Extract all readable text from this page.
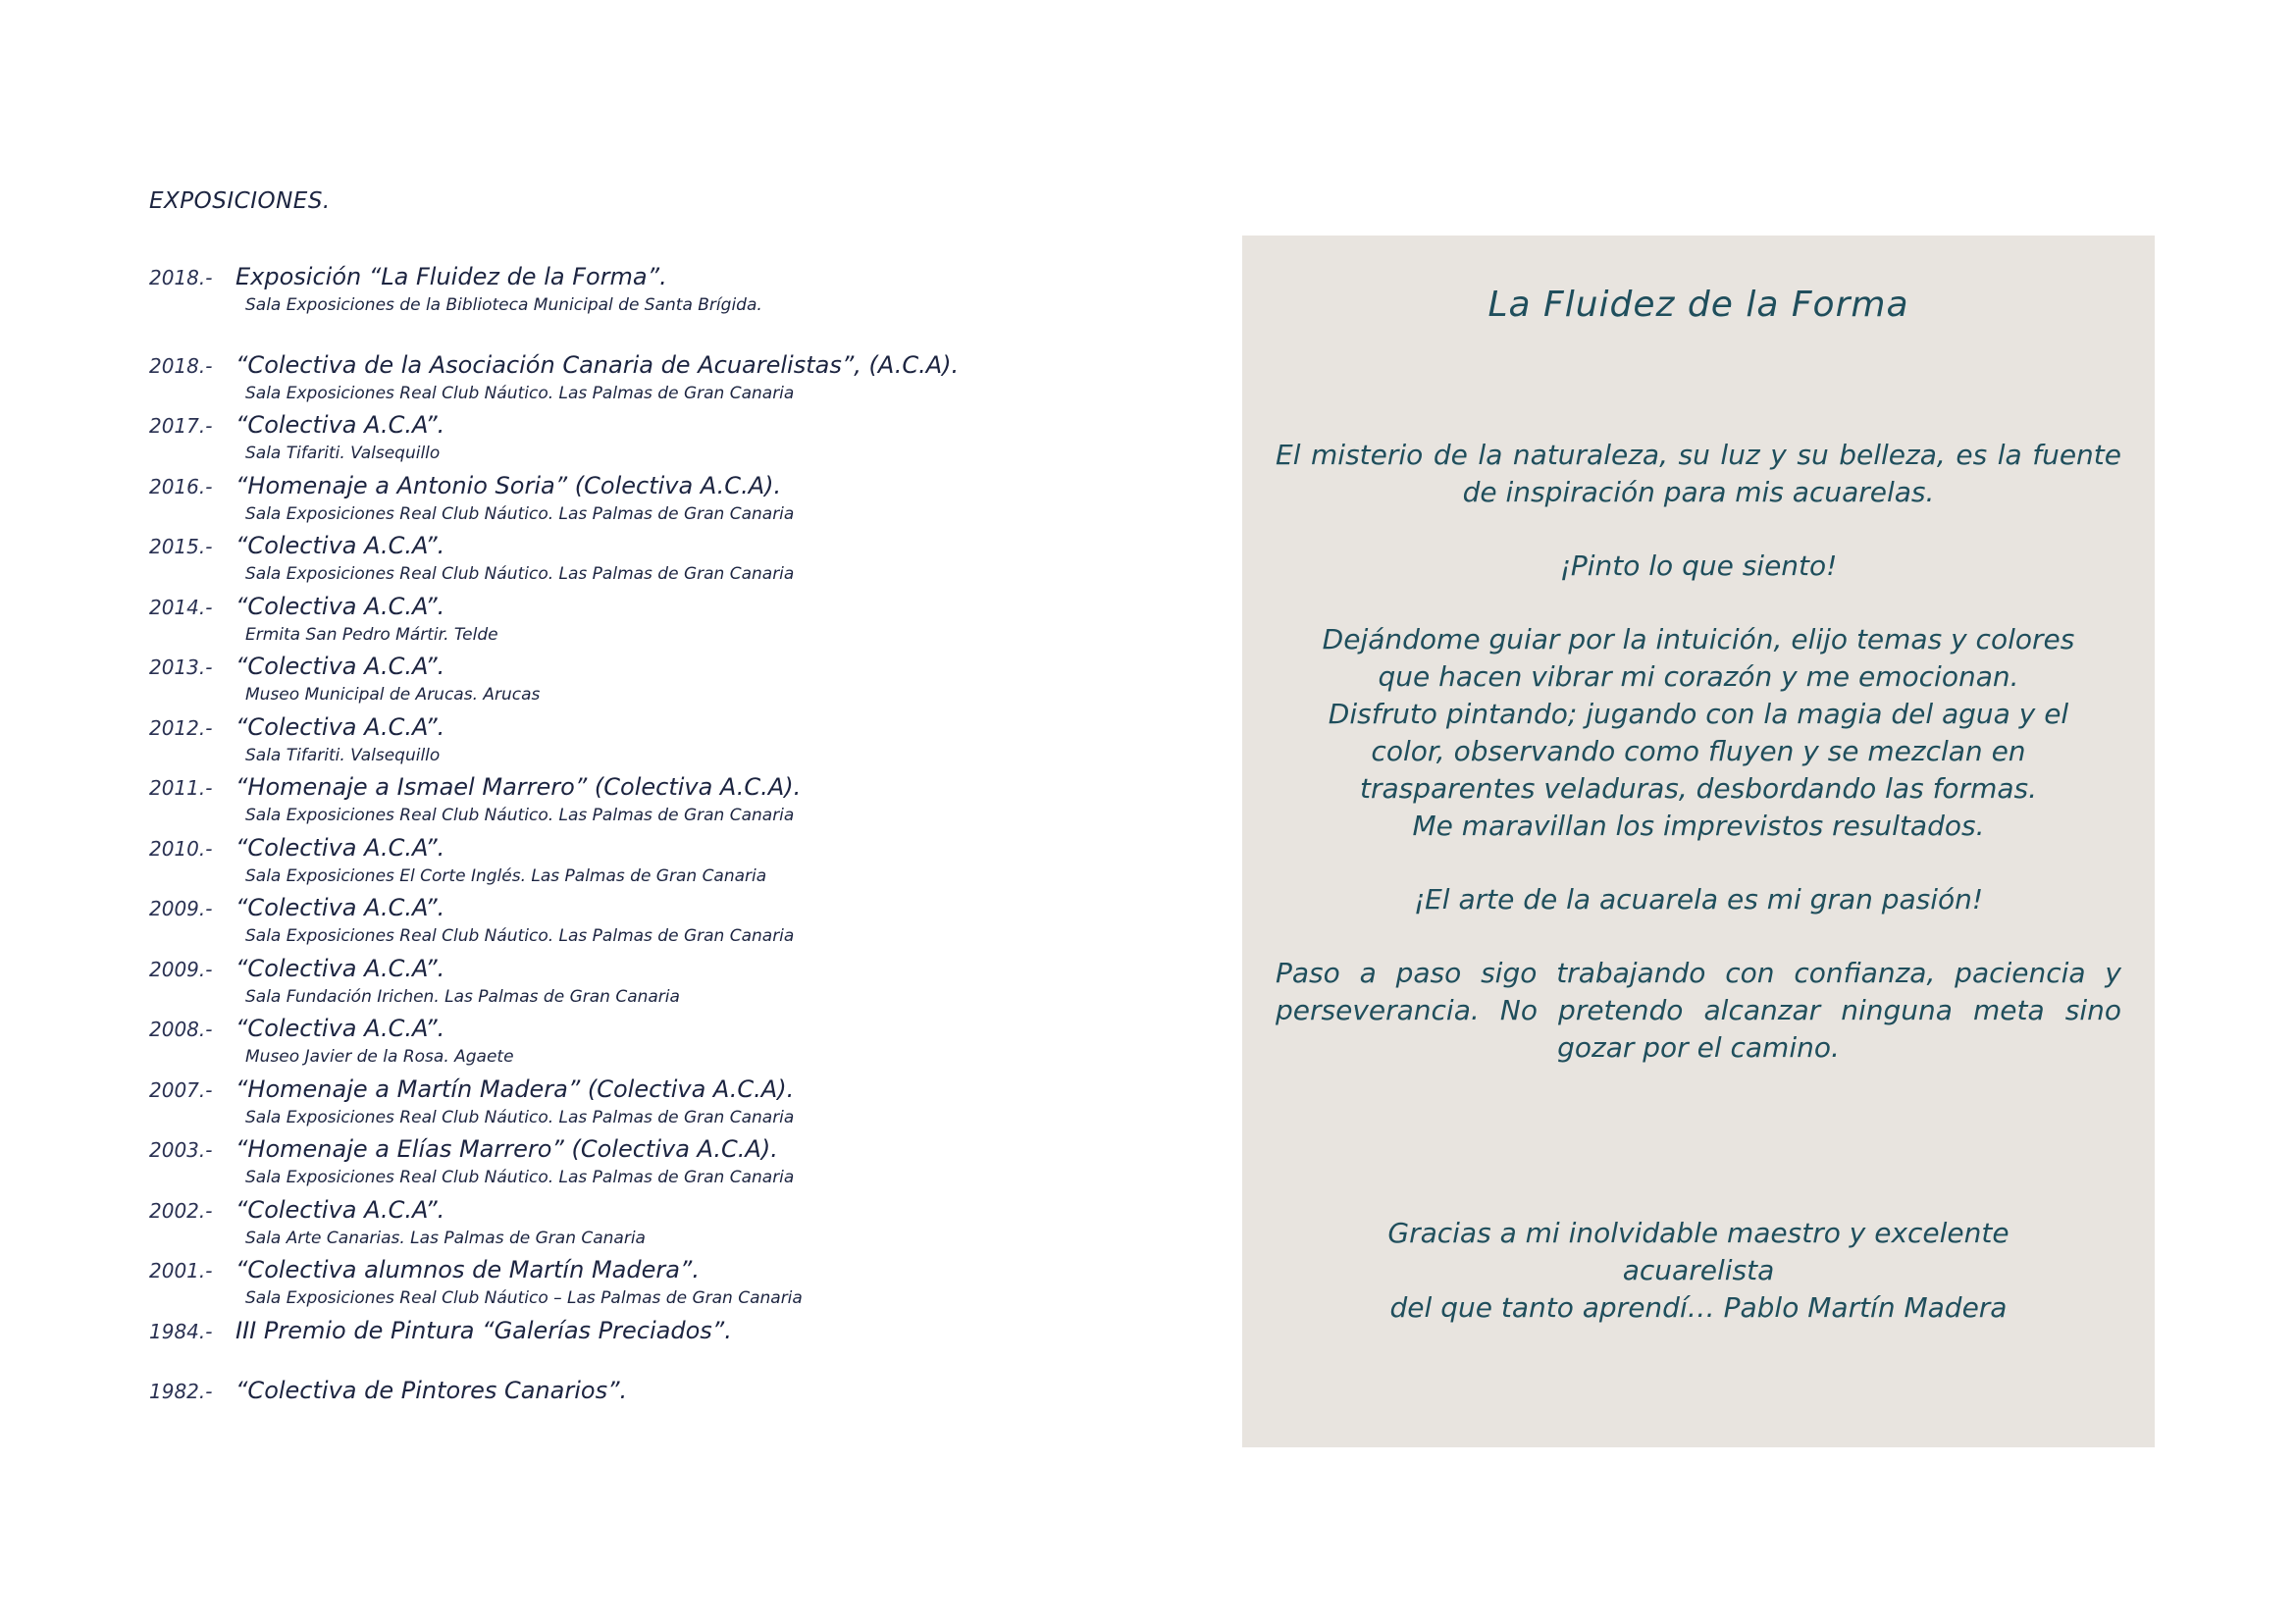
EXPOSICIONES.
2018.- Exposición “La Fluidez de la Forma”.
Sala Exposiciones de la Biblioteca Municipal de Santa Brígida.
2018.- “Colectiva de la Asociación Canaria de Acuarelistas”, (A.C.A).
Sala Exposiciones Real Club Náutico. Las Palmas de Gran Canaria
2017.- “Colectiva A.C.A”.
Sala Tifariti. Valsequillo
2016.- “Homenaje a Antonio Soria” (Colectiva A.C.A).
Sala Exposiciones Real Club Náutico. Las Palmas de Gran Canaria
2015.- “Colectiva A.C.A”.
Sala Exposiciones Real Club Náutico. Las Palmas de Gran Canaria
2014.- “Colectiva A.C.A”.
Ermita San Pedro Mártir. Telde
2013.- “Colectiva A.C.A”.
Museo Municipal de Arucas. Arucas
2012.- “Colectiva A.C.A”.
Sala Tifariti. Valsequillo
2011.- “Homenaje a Ismael Marrero” (Colectiva A.C.A).
Sala Exposiciones Real Club Náutico. Las Palmas de Gran Canaria
2010.- “Colectiva A.C.A”.
Sala Exposiciones El Corte Inglés. Las Palmas de Gran Canaria
2009.- “Colectiva A.C.A”.
Sala Exposiciones Real Club Náutico. Las Palmas de Gran Canaria
2009.- “Colectiva A.C.A”.
Sala Fundación Irichen. Las Palmas de Gran Canaria
2008.- “Colectiva A.C.A”.
Museo Javier de la Rosa. Agaete
2007.- “Homenaje a Martín Madera” (Colectiva A.C.A).
Sala Exposiciones Real Club Náutico. Las Palmas de Gran Canaria
2003.- “Homenaje a Elías Marrero” (Colectiva A.C.A).
Sala Exposiciones Real Club Náutico. Las Palmas de Gran Canaria
2002.- “Colectiva A.C.A”.
Sala Arte Canarias. Las Palmas de Gran Canaria
2001.- “Colectiva alumnos de Martín Madera”.
Sala Exposiciones Real Club Náutico – Las Palmas de Gran Canaria
1984.- III Premio de Pintura “Galerías Preciados”.
1982.- “Colectiva de Pintores Canarios”.
La Fluidez de la Forma

El misterio de la naturaleza, su luz y su belleza, es la fuente de inspiración para mis acuarelas.

¡Pinto lo que siento!

Dejándome guiar por la intuición, elijo temas y colores
que hacen vibrar mi corazón y me emocionan.
Disfruto pintando; jugando con la magia del agua y el
color, observando como fluyen y se mezclan en
trasparentes veladuras, desbordando las formas.
Me maravillan los imprevistos resultados.

¡El arte de la acuarela es mi gran pasión!

Paso a paso sigo trabajando con confianza, paciencia y perseverancia. No pretendo alcanzar ninguna meta sino gozar por el camino.

Gracias a mi inolvidable maestro y excelente
acuarelista
del que tanto aprendí… Pablo Martín Madera
